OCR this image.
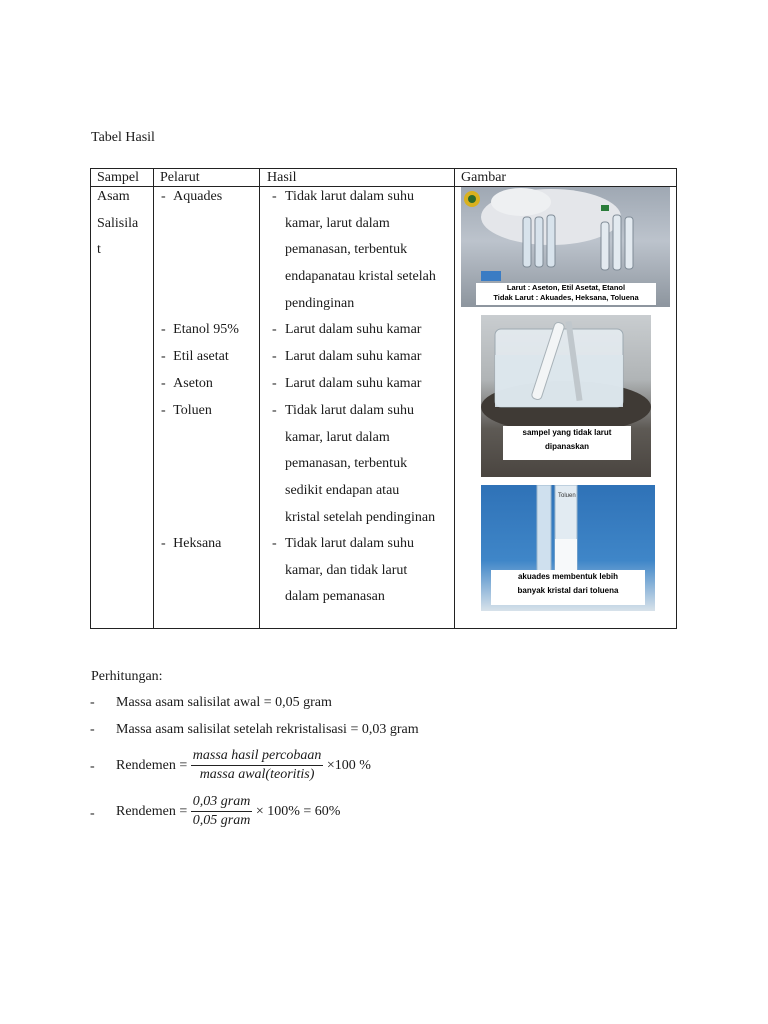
Tabel Hasil
Sampel Pelarut	Hasil	Gambar
Asam
Salisila
t
- Aquades
- Etanol 95%
- Etil asetat
- Aseton
- Toluen
- Heksana
- Tidak larut dalam suhu
kamar, larut dalam
pemanasan, terbentuk
endapanatau kristal setelah
pendinginan
- Larut dalam suhu kamar
- Larut dalam suhu kamar
- Larut dalam suhu kamar
- Tidak larut dalam suhu
kamar, larut dalam
pemanasan, terbentuk
sedikit endapan atau
kristal setelah pendinginan
- Tidak larut dalam suhu
kamar, dan tidak larut
dalam pemanasan
Larut : Aseton, Etil Asetat, Etanol
Tidak Larut : Akuades, Heksana, Toluena
sampel yang tidak larut
dipanaskan
Toluen
akuades membentuk lebih
banyak kristal dari toluena
Perhitungan:
- Massa asam salisilat awal = 0,05 gram
- Massa asam salisilat setelah rekristalisasi = 0,03 gram
- Rendemen = $\frac{\text{massa hasil percobaan}}{\text{massa awal(teoritis)}} \times 100$ %
- Rendemen = $\frac{\text{0,03 gram}}{\text{0,05 gram}} \times 100\% = 60\%$
